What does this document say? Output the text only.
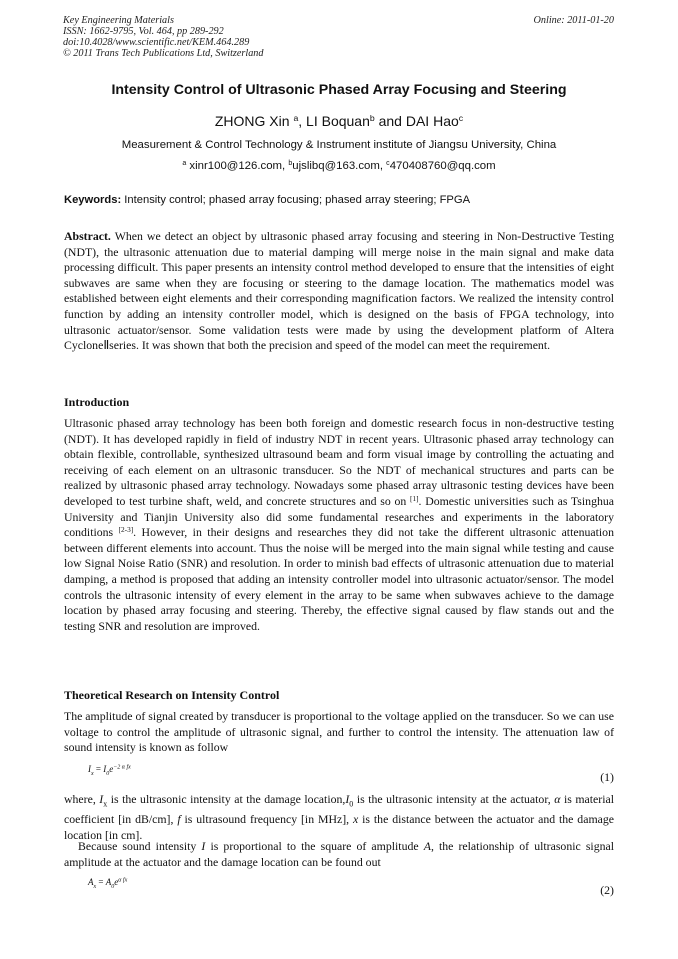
Key Engineering Materials
ISSN: 1662-9795, Vol. 464, pp 289-292
doi:10.4028/www.scientific.net/KEM.464.289
© 2011 Trans Tech Publications Ltd, Switzerland
Online: 2011-01-20
Intensity Control of Ultrasonic Phased Array Focusing and Steering
ZHONG Xin $^a$, LI Boquan$^b$ and DAI Hao$^c$
Measurement & Control Technology & Instrument institute of Jiangsu University, China
$^a$ xinr100@126.com, $^b$ujslibq@163.com, $^c$470408760@qq.com
Keywords: Intensity control; phased array focusing; phased array steering; FPGA
Abstract. When we detect an object by ultrasonic phased array focusing and steering in Non-Destructive Testing (NDT), the ultrasonic attenuation due to material damping will merge noise in the main signal and make data processing difficult. This paper presents an intensity control method developed to ensure that the intensities of eight subwaves are same when they are focusing or steering to the damage location. The mathematics model was established between eight elements and their corresponding magnification factors. We realized the intensity control function by adding an intensity controller model, which is designed on the basis of FPGA technology, into ultrasonic actuator/sensor. Some validation tests were made by using the development platform of Altera CycloneⅡseries. It was shown that both the precision and speed of the model can meet the requirement.
Introduction
Ultrasonic phased array technology has been both foreign and domestic research focus in non-destructive testing (NDT). It has developed rapidly in field of industry NDT in recent years. Ultrasonic phased array technology can obtain flexible, controllable, synthesized ultrasound beam and form visual image by controlling the actuating and receiving of each element on an ultrasonic transducer. So the NDT of mechanical structures and parts can be realized by ultrasonic phased array technology. Nowadays some phased array ultrasonic testing devices have been developed to test turbine shaft, weld, and concrete structures and so on [1]. Domestic universities such as Tsinghua University and Tianjin University also did some fundamental researches and experiments in the laboratory conditions [2-3]. However, in their designs and researches they did not take the different ultrasonic attenuation between different elements into account. Thus the noise will be merged into the main signal while testing and cause low Signal Noise Ratio (SNR) and resolution. In order to minish bad effects of ultrasonic attenuation due to material damping, a method is proposed that adding an intensity controller model into ultrasonic actuator/sensor. The model controls the ultrasonic intensity of every element in the array to be same when subwaves achieve to the damage location by phased array focusing and steering. Thereby, the effective signal caused by flaw stands out and the testing SNR and resolution are improved.
Theoretical Research on Intensity Control
The amplitude of signal created by transducer is proportional to the voltage applied on the transducer. So we can use voltage to control the amplitude of ultrasonic signal, and further to control the intensity. The attenuation law of sound intensity is known as follow
$I_x = I_0e^{-2 \alpha fx}$
(1)
where, $I_x$ is the ultrasonic intensity at the damage $location,I_0$ is the ultrasonic intensity at the actuator, α is material coefficient [in dB/cm], f is ultrasound frequency [in MHz], x is the distance between the actuator and the damage location [in cm].
Because sound intensity I is proportional to the square of amplitude A, the relationship of ultrasonic signal amplitude at the actuator and the damage location can be found out
$A_x = A_0e^{\alpha fx}$
(2)
